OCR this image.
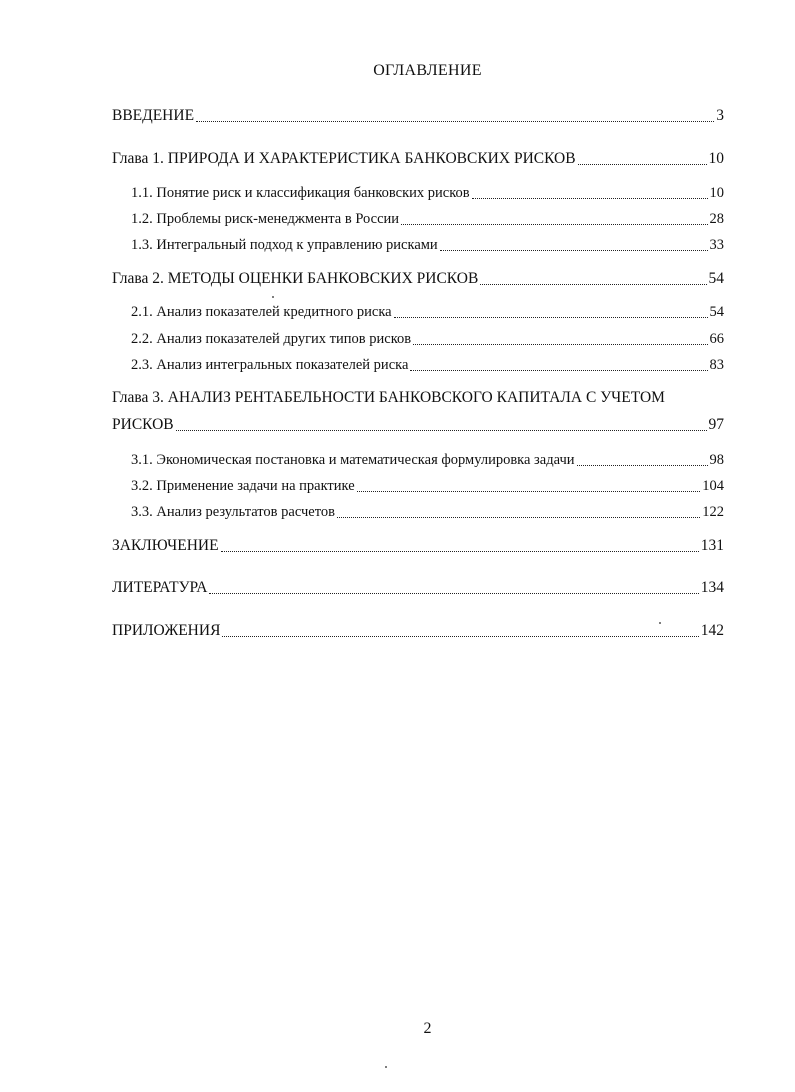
ОГЛАВЛЕНИЕ
ВВЕДЕНИЕ	3
Глава 1. ПРИРОДА И ХАРАКТЕРИСТИКА БАНКОВСКИХ РИСКОВ	10
1.1. Понятие риск и классификация банковских рисков	10
1.2. Проблемы риск-менеджмента в России	28
1.3. Интегральный подход к управлению рисками	33
Глава 2. МЕТОДЫ ОЦЕНКИ БАНКОВСКИХ РИСКОВ	54
2.1. Анализ показателей кредитного риска	54
2.2. Анализ показателей других типов рисков	66
2.3. Анализ интегральных показателей риска	83
Глава 3. АНАЛИЗ РЕНТАБЕЛЬНОСТИ БАНКОВСКОГО КАПИТАЛА С УЧЕТОМ
РИСКОВ	97
3.1. Экономическая постановка и математическая формулировка задачи	98
3.2. Применение задачи на практике	104
3.3. Анализ результатов расчетов	122
ЗАКЛЮЧЕНИЕ	131
ЛИТЕРАТУРА	134
ПРИЛОЖЕНИЯ	142
2
